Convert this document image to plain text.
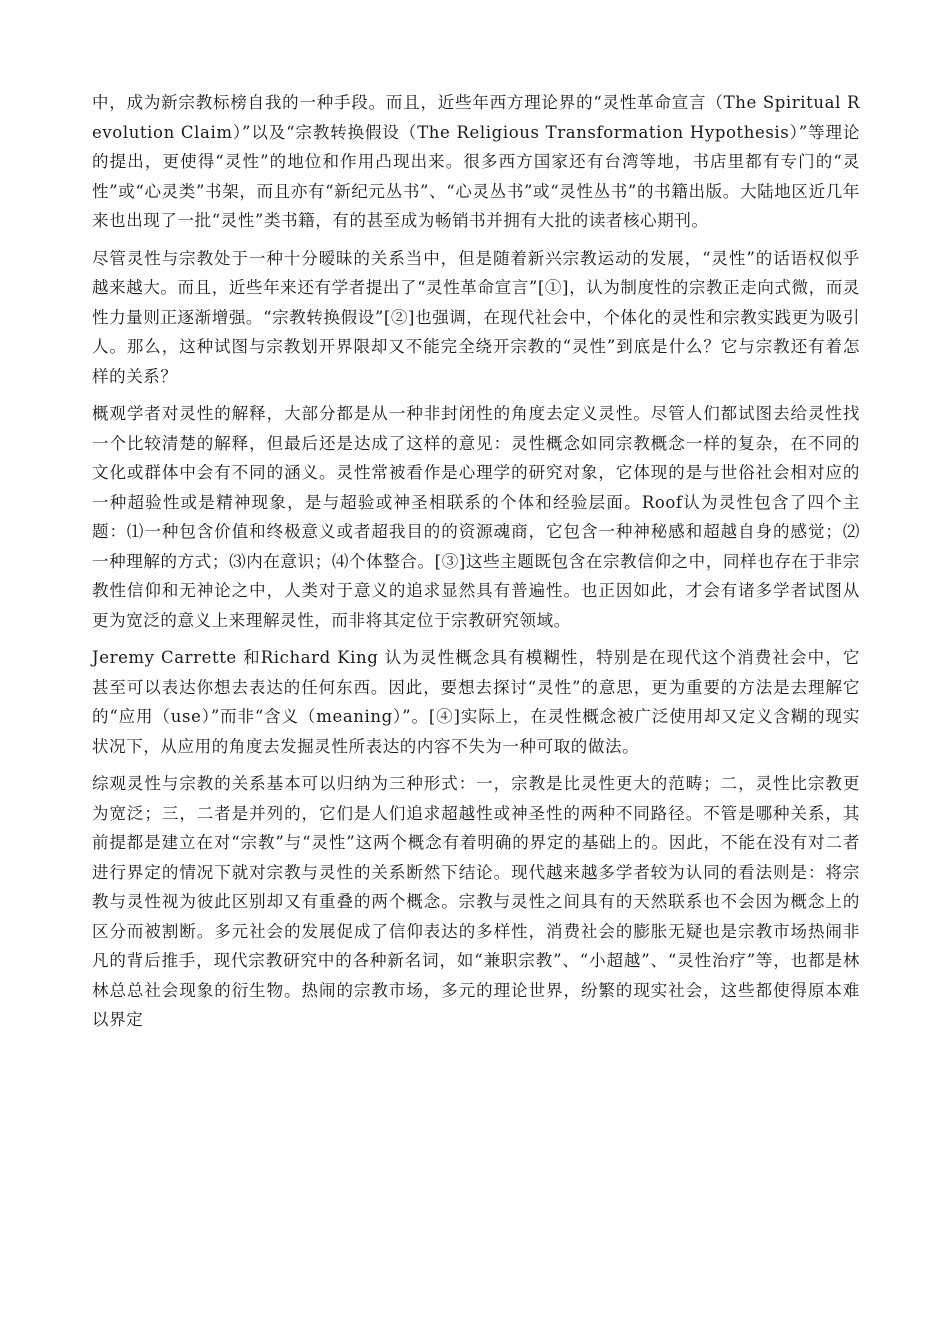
中，成为新宗教标榜自我的一种手段。而且，近些年西方理论界的“灵性革命宣言（The Spiritual Revolution Claim）”以及“宗教转换假设（The Religious Transformation Hypothesis）”等理论的提出，更使得“灵性”的地位和作用凸现出来。很多西方国家还有台湾等地，书店里都有专门的“灵性”或“心灵类”书架，而且亦有“新纪元丛书”、“心灵丛书”或“灵性丛书”的书籍出版。大陆地区近几年来也出现了一批“灵性”类书籍，有的甚至成为畅销书并拥有大批的读者核心期刊。

尽管灵性与宗教处于一种十分暧昧的关系当中，但是随着新兴宗教运动的发展，“灵性”的话语权似乎越来越大。而且，近些年来还有学者提出了“灵性革命宣言”[①]，认为制度性的宗教正走向式微，而灵性力量则正逐渐增强。“宗教转换假设”[②]也强调，在现代社会中，个体化的灵性和宗教实践更为吸引人。那么，这种试图与宗教划开界限却又不能完全绕开宗教的“灵性”到底是什么？它与宗教还有着怎样的关系？

概观学者对灵性的解释，大部分都是从一种非封闭性的角度去定义灵性。尽管人们都试图去给灵性找一个比较清楚的解释，但最后还是达成了这样的意见：灵性概念如同宗教概念一样的复杂，在不同的文化或群体中会有不同的涵义。灵性常被看作是心理学的研究对象，它体现的是与世俗社会相对应的一种超验性或是精神现象，是与超验或神圣相联系的个体和经验层面。Roof认为灵性包含了四个主题：⑴一种包含价值和终极意义或者超我目的的资源魂商，它包含一种神秘感和超越自身的感觉；⑵一种理解的方式；⑶内在意识；⑷个体整合。[③]这些主题既包含在宗教信仰之中，同样也存在于非宗教性信仰和无神论之中，人类对于意义的追求显然具有普遍性。也正因如此，才会有诸多学者试图从更为宽泛的意义上来理解灵性，而非将其定位于宗教研究领域。

Jeremy Carrette 和Richard King 认为灵性概念具有模糊性，特别是在现代这个消费社会中，它甚至可以表达你想去表达的任何东西。因此，要想去探讨“灵性”的意思，更为重要的方法是去理解它的“应用（use）”而非“含义（meaning）”。[④]实际上，在灵性概念被广泛使用却又定义含糊的现实状况下，从应用的角度去发掘灵性所表达的内容不失为一种可取的做法。

综观灵性与宗教的关系基本可以归纳为三种形式：一，宗教是比灵性更大的范畴；二，灵性比宗教更为宽泛；三，二者是并列的，它们是人们追求超越性或神圣性的两种不同路径。不管是哪种关系，其前提都是建立在对“宗教”与“灵性”这两个概念有着明确的界定的基础上的。因此，不能在没有对二者进行界定的情况下就对宗教与灵性的关系断然下结论。现代越来越多学者较为认同的看法则是：将宗教与灵性视为彼此区别却又有重叠的两个概念。宗教与灵性之间具有的天然联系也不会因为概念上的区分而被割断。多元社会的发展促成了信仰表达的多样性，消费社会的膨胀无疑也是宗教市场热闹非凡的背后推手，现代宗教研究中的各种新名词，如“兼职宗教”、“小超越”、“灵性治疗”等，也都是林林总总社会现象的衍生物。热闹的宗教市场，多元的理论世界，纷繁的现实社会，这些都使得原本难以界定
